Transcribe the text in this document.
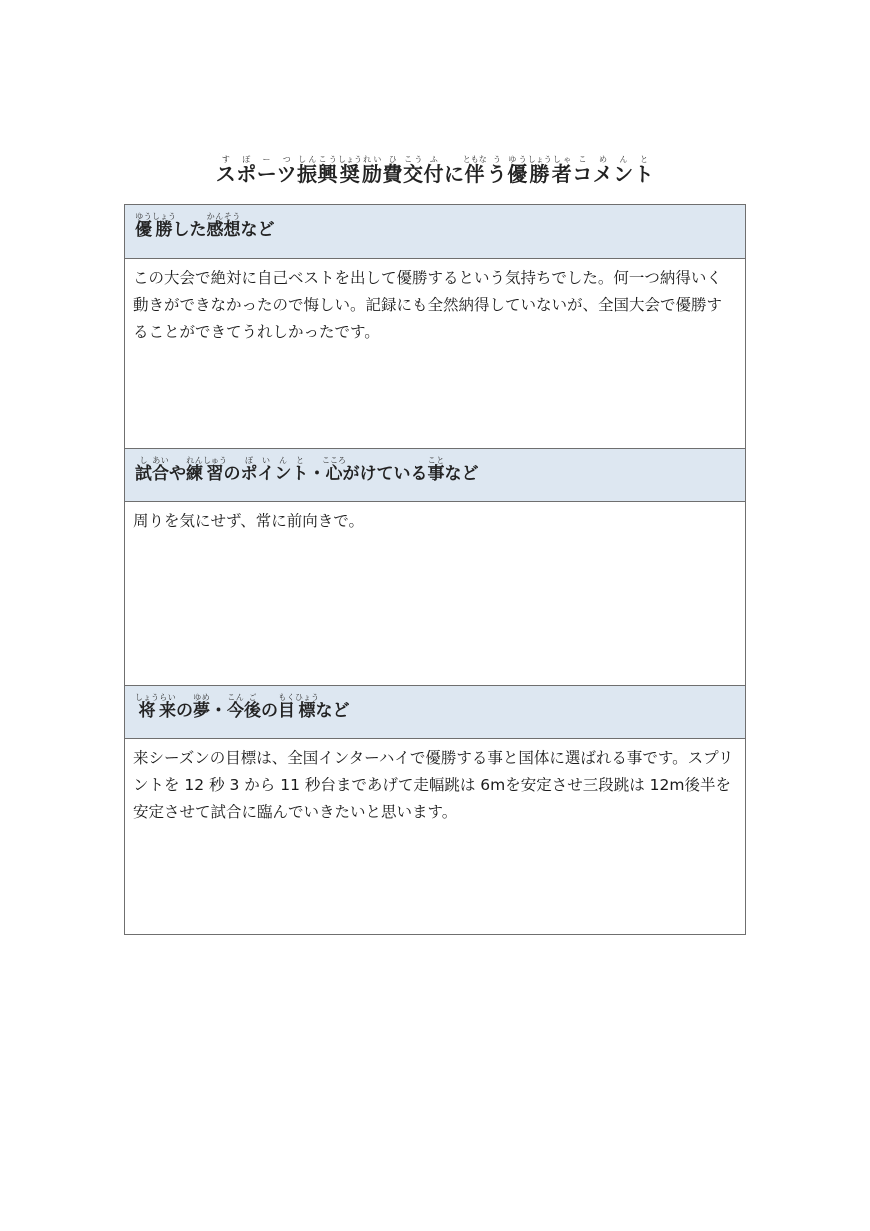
スポーツすぽーつ振しん興こう奨しょう励れい費ひ交こう付ふに伴ともなうう優ゆう勝しょう者しゃコメントこめんと
優ゆう勝しょうした感かん想そうなど
この大会で絶対に自己ベストを出して優勝するという気持ちでした。何一つ納得いく動きができなかったので悔しい。記録にも全然納得していないが、全国大会で優勝することができてうれしかったです。
試し合あいや練れん習しゅうのポイントぽいんと・心こころがけている事ことなど
周りを気にせず、常に前向きで。
将しょう来らいの夢ゆめ・今こん後ごの目もく標ひょうなど
来シーズンの目標は、全国インターハイで優勝する事と国体に選ばれる事です。スプリントを 12 秒 3 から 11 秒台まであげて走幅跳は 6mを安定させ三段跳は 12m後半を安定させて試合に臨んでいきたいと思います。
